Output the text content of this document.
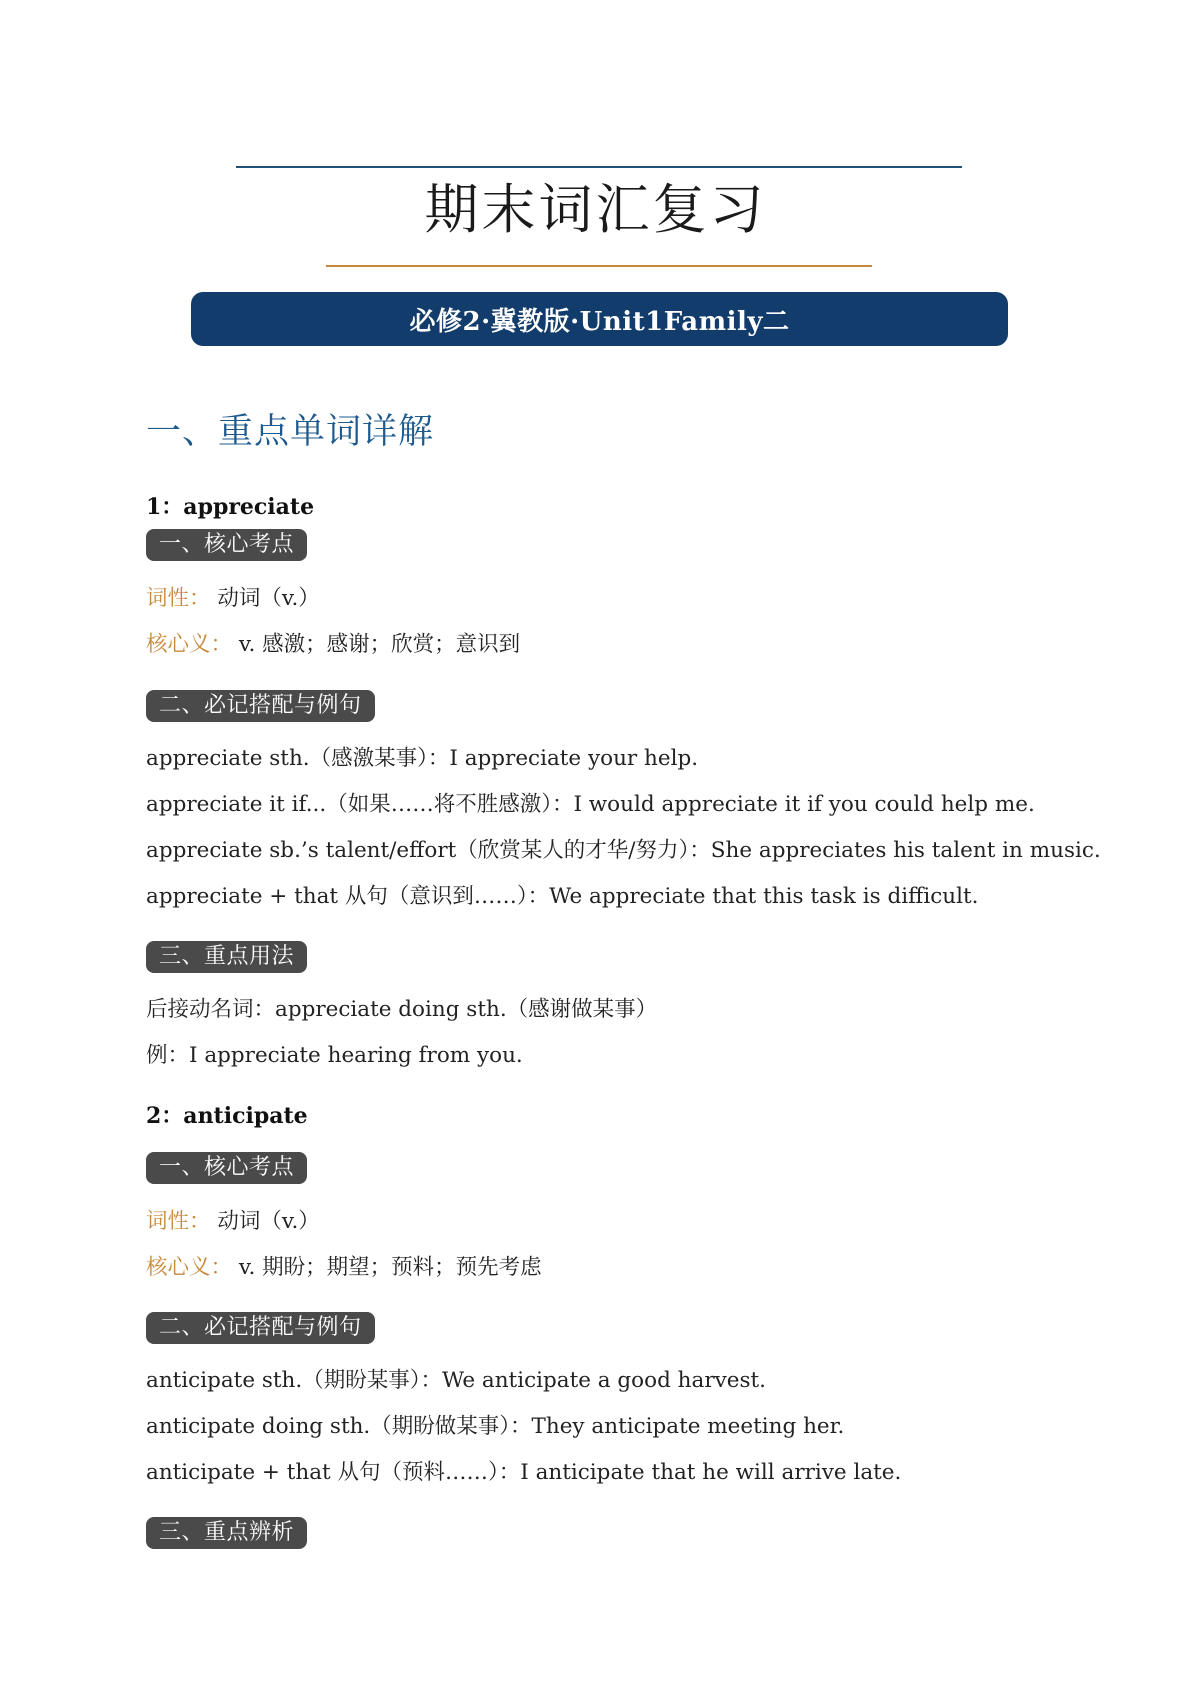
期末词汇复习
必修2·冀教版·Unit1Family二
一、重点单词详解
1：appreciate
一、核心考点
词性： 动词（v.）
核心义： v. 感激；感谢；欣赏；意识到
二、必记搭配与例句
appreciate sth.（感激某事）：I appreciate your help.
appreciate it if...（如果……将不胜感激）：I would appreciate it if you could help me.
appreciate sb.’s talent/effort（欣赏某人的才华/努力）：She appreciates his talent in music.
appreciate + that 从句（意识到……）：We appreciate that this task is difficult.
三、重点用法
后接动名词：appreciate doing sth.（感谢做某事）
例：I appreciate hearing from you.
2：anticipate
一、核心考点
词性： 动词（v.）
核心义： v. 期盼；期望；预料；预先考虑
二、必记搭配与例句
anticipate sth.（期盼某事）：We anticipate a good harvest.
anticipate doing sth.（期盼做某事）：They anticipate meeting her.
anticipate + that 从句（预料……）：I anticipate that he will arrive late.
三、重点辨析
